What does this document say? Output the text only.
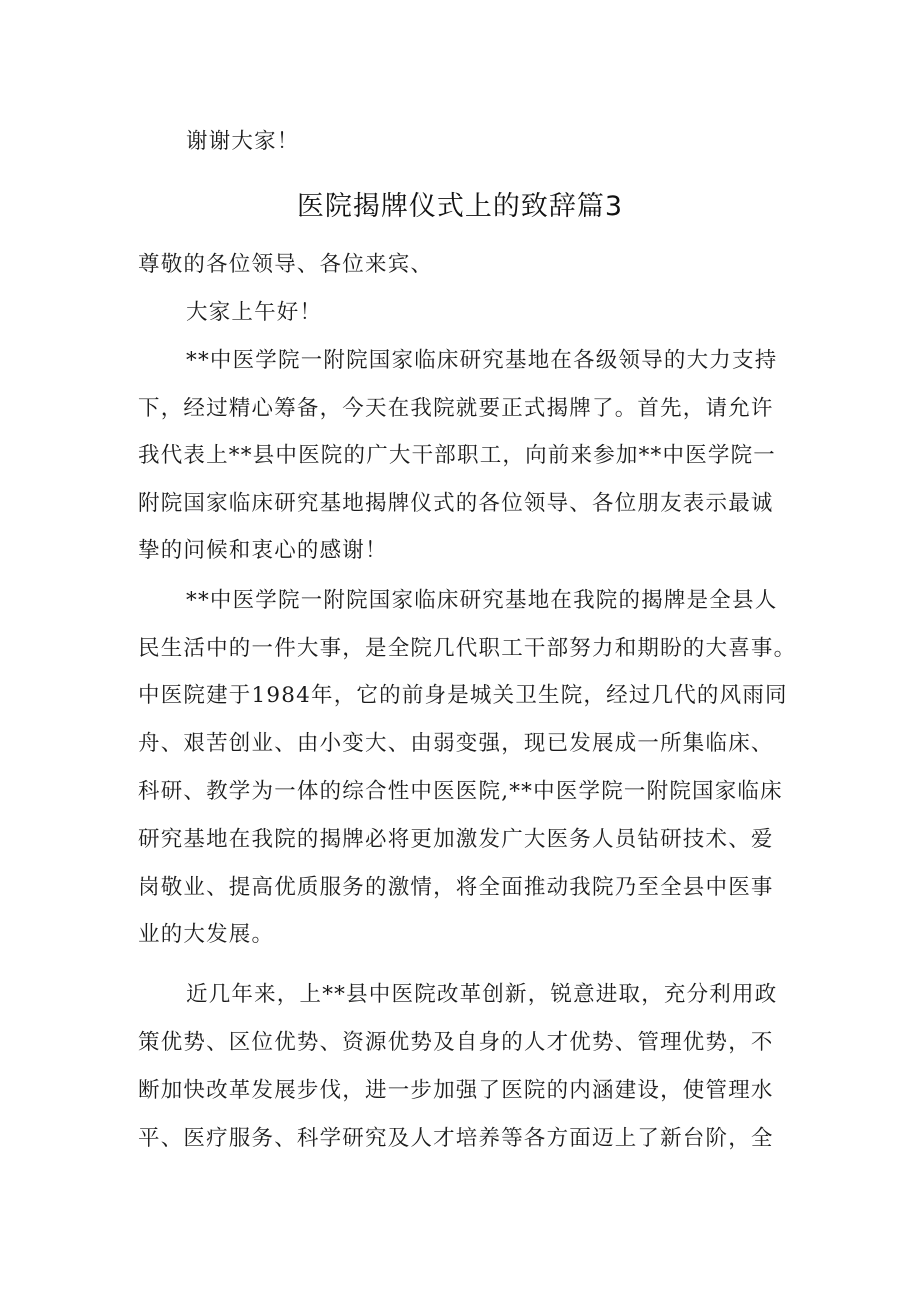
谢谢大家！
医院揭牌仪式上的致辞篇3
尊敬的各位领导、各位来宾、
大家上午好！
**中医学院一附院国家临床研究基地在各级领导的大力支持
下，经过精心筹备，今天在我院就要正式揭牌了。首先，请允许
我代表上**县中医院的广大干部职工，向前来参加**中医学院一
附院国家临床研究基地揭牌仪式的各位领导、各位朋友表示最诚
挚的问候和衷心的感谢！
**中医学院一附院国家临床研究基地在我院的揭牌是全县人
民生活中的一件大事，是全院几代职工干部努力和期盼的大喜事。
中医院建于1984年，它的前身是城关卫生院，经过几代的风雨同
舟、艰苦创业、由小变大、由弱变强，现已发展成一所集临床、
科研、教学为一体的综合性中医医院,**中医学院一附院国家临床
研究基地在我院的揭牌必将更加激发广大医务人员钻研技术、爱
岗敬业、提高优质服务的激情，将全面推动我院乃至全县中医事
业的大发展。
近几年来，上**县中医院改革创新，锐意进取，充分利用政
策优势、区位优势、资源优势及自身的人才优势、管理优势，不
断加快改革发展步伐，进一步加强了医院的内涵建设，使管理水
平、医疗服务、科学研究及人才培养等各方面迈上了新台阶，全
